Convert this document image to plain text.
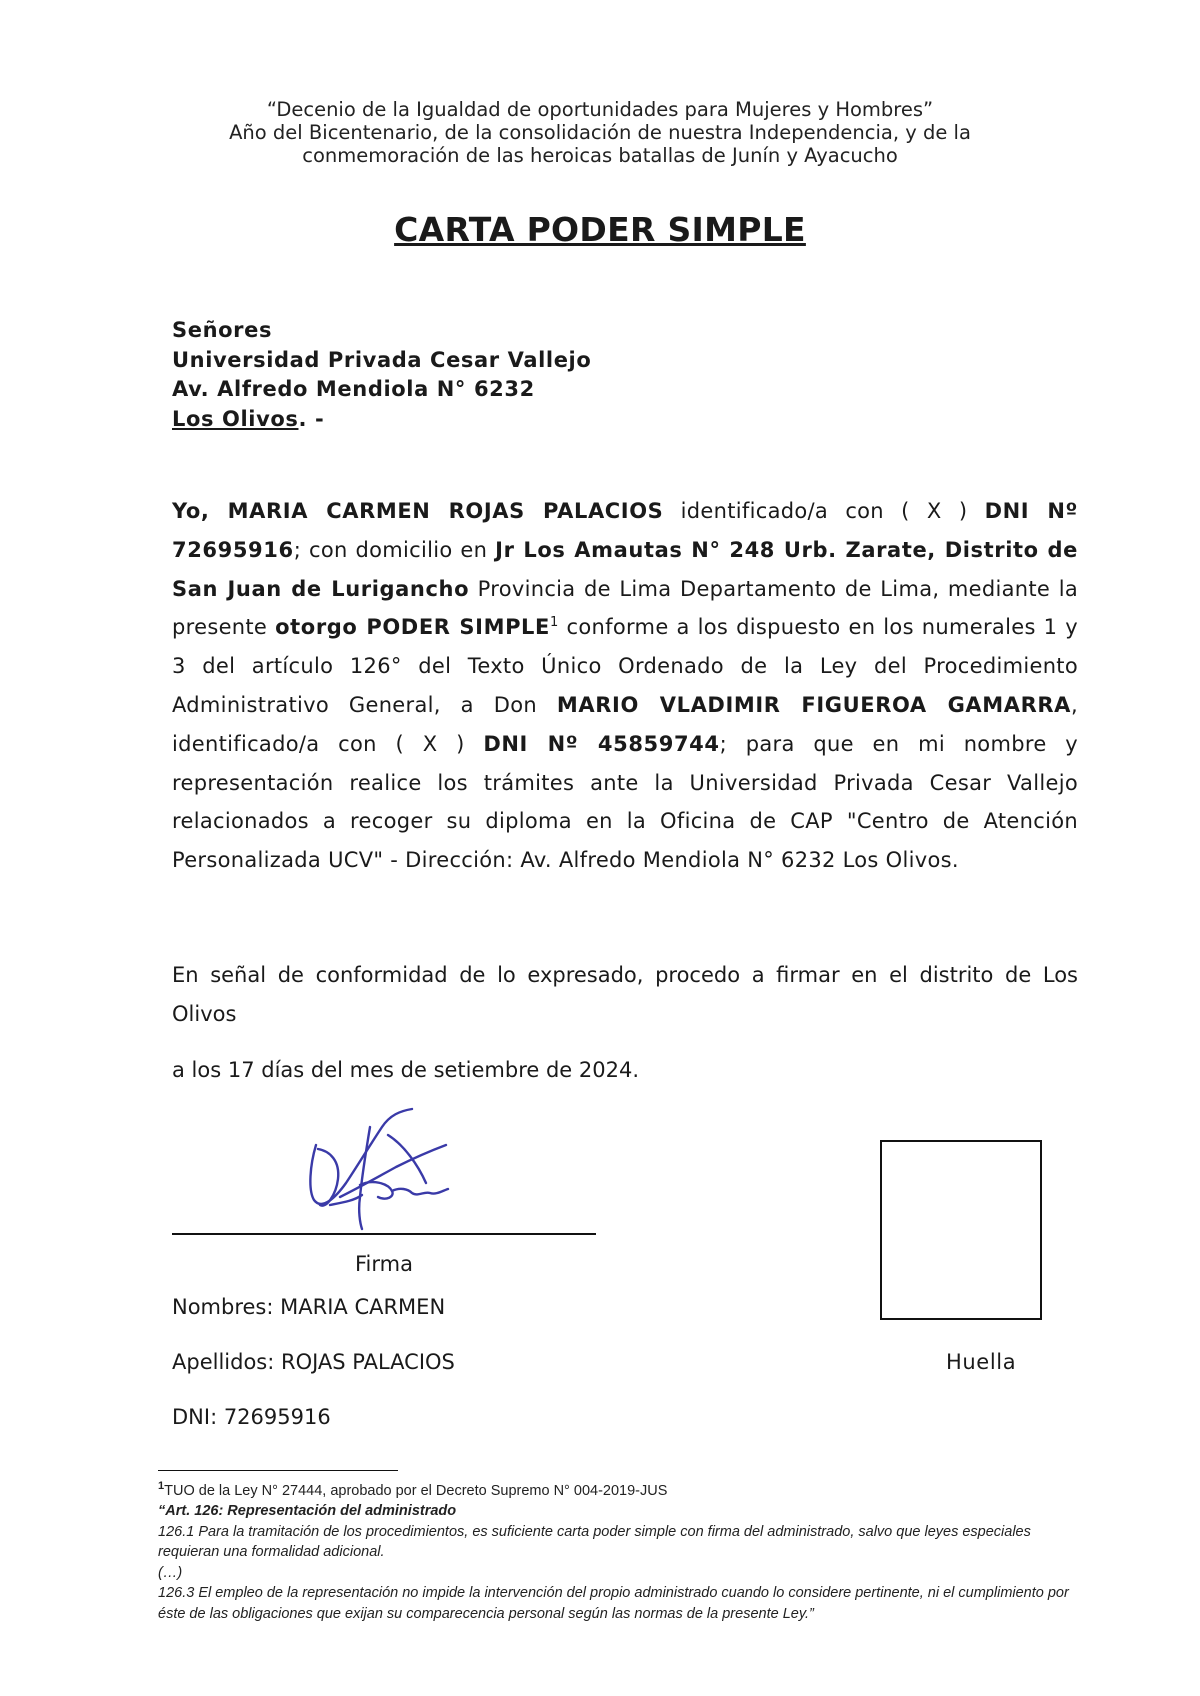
“Decenio de la Igualdad de oportunidades para Mujeres y Hombres”
Año del Bicentenario, de la consolidación de nuestra Independencia, y de la
conmemoración de las heroicas batallas de Junín y Ayacucho
CARTA PODER SIMPLE
Señores
Universidad Privada Cesar Vallejo
Av. Alfredo Mendiola N° 6232
Los Olivos. -
Yo, MARIA CARMEN ROJAS PALACIOS identificado/a con ( X ) DNI Nº 72695916; con domicilio en Jr Los Amautas N° 248 Urb. Zarate, Distrito de San Juan de Lurigancho Provincia de Lima Departamento de Lima, mediante la presente otorgo PODER SIMPLE$^1$ conforme a los dispuesto en los numerales 1 y 3 del artículo 126° del Texto Único Ordenado de la Ley del Procedimiento Administrativo General, a Don MARIO VLADIMIR FIGUEROA GAMARRA, identificado/a con ( X ) DNI Nº 45859744; para que en mi nombre y representación realice los trámites ante la Universidad Privada Cesar Vallejo relacionados a recoger su diploma en la Oficina de CAP "Centro de Atención Personalizada UCV" - Dirección: Av. Alfredo Mendiola N° 6232 Los Olivos.
En señal de conformidad de lo expresado, procedo a firmar en el distrito de Los Olivos
a los 17 días del mes de setiembre de 2024.
Firma
Nombres: MARIA CARMEN
Apellidos: ROJAS PALACIOS
DNI: 72695916
Huella
$^1$TUO de la Ley N° 27444, aprobado por el Decreto Supremo N° 004-2019-JUS
“Art. 126: Representación del administrado
126.1 Para la tramitación de los procedimientos, es suficiente carta poder simple con firma del administrado, salvo que leyes especiales requieran una formalidad adicional.
(…)
126.3 El empleo de la representación no impide la intervención del propio administrado cuando lo considere pertinente, ni el cumplimiento por éste de las obligaciones que exijan su comparecencia personal según las normas de la presente Ley.”
